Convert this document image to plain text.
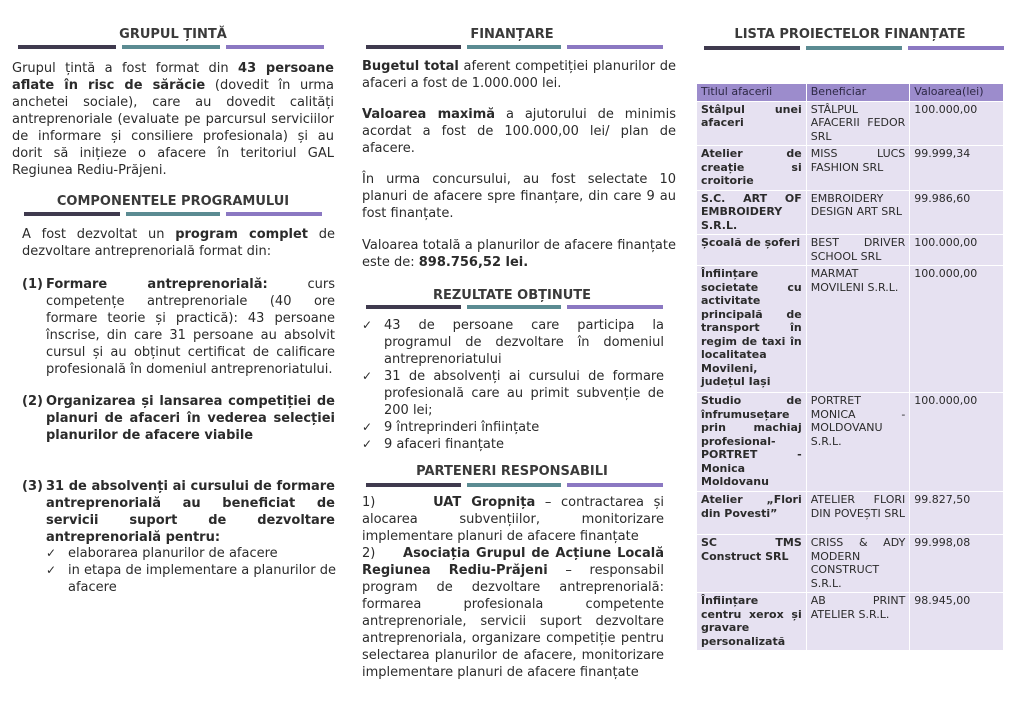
GRUPUL ȚINTĂ

Grupul țintă a fost format din 43 persoane aflate în risc de sărăcie (dovedit în urma anchetei sociale), care au dovedit calități antreprenoriale (evaluate pe parcursul serviciilor de informare și consiliere profesionala) și au dorit să inițieze o afacere în teritoriul GAL Regiunea Rediu-Prăjeni.

COMPONENTELE PROGRAMULUI

A fost dezvoltat un program complet de dezvoltare antreprenorială format din:

(1) Formare antreprenorială: curs competențe antreprenoriale (40 ore formare teorie și practică): 43 persoane înscrise, din care 31 persoane au absolvit cursul și au obținut certificat de calificare profesională în domeniul antreprenoriatului.

(2) Organizarea și lansarea competiției de planuri de afaceri în vederea selecției planurilor de afacere viabile

(3) 31 de absolvenți ai cursului de formare antreprenorială au beneficiat de servicii suport de dezvoltare antreprenorială pentru:

✓ elaborarea planurilor de afacere
✓ in etapa de implementare a planurilor de afacere
FINANȚARE

Bugetul total aferent competiției planurilor de afaceri a fost de 1.000.000 lei.

Valoarea maximă a ajutorului de minimis acordat a fost de 100.000,00 lei/ plan de afacere.

În urma concursului, au fost selectate 10 planuri de afacere spre finanțare, din care 9 au fost finanțate.

Valoarea totală a planurilor de afacere finanțate este de: 898.756,52 lei.

REZULTATE OBȚINUTE
✓ 43 de persoane care participa la programul de dezvoltare în domeniul antreprenoriatului
✓ 31 de absolvenți ai cursului de formare profesională care au primit subvenție de 200 lei;
✓ 9 întreprinderi înființate
✓ 9 afaceri finanțate
PARTENERI RESPONSABILI

1)	UAT Gropnița – contractarea și alocarea subvențiilor, monitorizare implementare planuri de afacere finanțate

2) Asociația Grupul de Acțiune Locală Regiunea Rediu-Prăjeni – responsabil program de dezvoltare antreprenorială: formarea profesionala competente antreprenoriale, servicii suport dezvoltare antreprenoriala, organizare competiție pentru selectarea planurilor de afacere, monitorizare implementare planuri de afacere finanțate

LISTA PROIECTELOR FINANȚATE
Titlul afacerii	Beneficiar	Valoarea(lei)
Stâlpul unei afaceri	STÂLPUL AFACERII FEDOR SRL	100.000,00
Atelier de creație si croitorie	MISS LUCS FASHION SRL	99.999,34
S.C. ART OF EMBROIDERY S.R.L.	EMBROIDERY DESIGN ART SRL	99.986,60
Școală de șoferi	BEST DRIVER SCHOOL SRL	100.000,00
Înființare societate cu activitate principală de transport în regim de taxi în localitatea Movileni, județul Iași	MARMAT MOVILENI S.R.L.	100.000,00
Studio de înfrumusețare prin machiaj profesional-PORTRET - Monica Moldovanu	PORTRET MONICA - MOLDOVANU S.R.L.	100.000,00
Atelier „Flori din Povesti”	ATELIER FLORI DIN POVEȘTI SRL	99.827,50
SC TMS Construct SRL	CRISS & ADY MODERN CONSTRUCT S.R.L.	99.998,08
Înființare centru xerox și gravare personalizată	AB PRINT ATELIER S.R.L.	98.945,00
